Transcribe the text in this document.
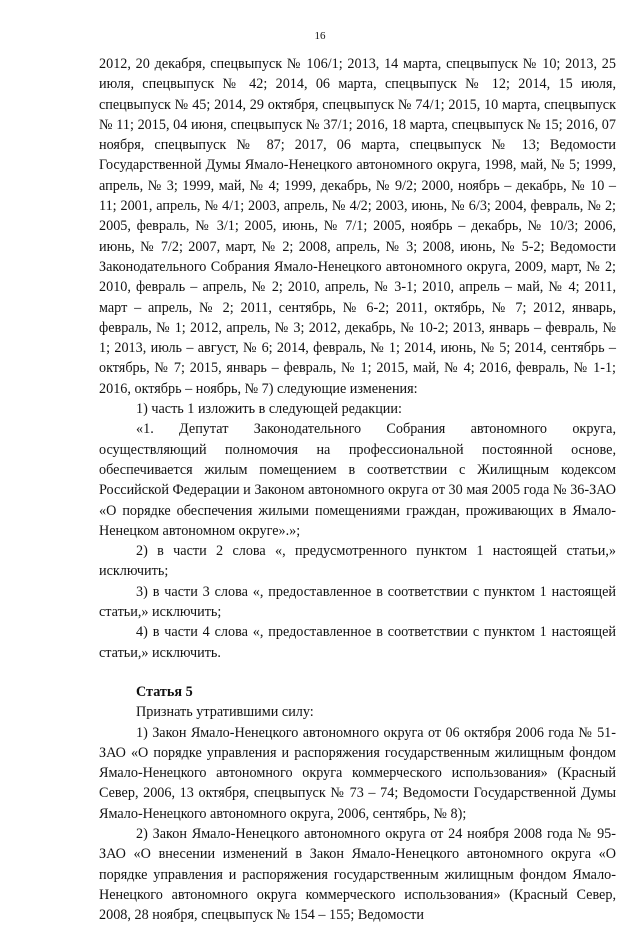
16

2012, 20 декабря, спецвыпуск № 106/1; 2013, 14 марта, спецвыпуск № 10; 2013, 25 июля, спецвыпуск № 42; 2014, 06 марта, спецвыпуск № 12; 2014, 15 июля, спецвыпуск № 45; 2014, 29 октября, спецвыпуск № 74/1; 2015, 10 марта, спецвыпуск № 11; 2015, 04 июня, спецвыпуск № 37/1; 2016, 18 марта, спецвыпуск № 15; 2016, 07 ноября, спецвыпуск № 87; 2017, 06 марта, спецвыпуск № 13; Ведомости Государственной Думы Ямало-Ненецкого автономного округа, 1998, май, № 5; 1999, апрель, № 3; 1999, май, № 4; 1999, декабрь, № 9/2; 2000, ноябрь – декабрь, № 10 – 11; 2001, апрель, № 4/1; 2003, апрель, № 4/2; 2003, июнь, № 6/3; 2004, февраль, № 2; 2005, февраль, № 3/1; 2005, июнь, № 7/1; 2005, ноябрь – декабрь, № 10/3; 2006, июнь, № 7/2; 2007, март, № 2; 2008, апрель, № 3; 2008, июнь, № 5-2; Ведомости Законодательного Собрания Ямало-Ненецкого автономного округа, 2009, март, № 2; 2010, февраль – апрель, № 2; 2010, апрель, № 3-1; 2010, апрель – май, № 4; 2011, март – апрель, № 2; 2011, сентябрь, № 6-2; 2011, октябрь, № 7; 2012, январь, февраль, № 1; 2012, апрель, № 3; 2012, декабрь, № 10-2; 2013, январь – февраль, № 1; 2013, июль – август, № 6; 2014, февраль, № 1; 2014, июнь, № 5; 2014, сентябрь – октябрь, № 7; 2015, январь – февраль, № 1; 2015, май, № 4; 2016, февраль, № 1-1; 2016, октябрь – ноябрь, № 7) следующие изменения:

1) часть 1 изложить в следующей редакции:

«1. Депутат Законодательного Собрания автономного округа, осуществляющий полномочия на профессиональной постоянной основе, обеспечивается жилым помещением в соответствии с Жилищным кодексом Российской Федерации и Законом автономного округа от 30 мая 2005 года № 36-ЗАО «О порядке обеспечения жилыми помещениями граждан, проживающих в Ямало-Ненецком автономном округе».»;

2) в части 2 слова «, предусмотренного пунктом 1 настоящей статьи,» исключить;

3) в части 3 слова «, предоставленное в соответствии с пунктом 1 настоящей статьи,» исключить;

4) в части 4 слова «, предоставленное в соответствии с пунктом 1 настоящей статьи,» исключить.

Статья 5

Признать утратившими силу:

1) Закон Ямало-Ненецкого автономного округа от 06 октября 2006 года № 51-ЗАО «О порядке управления и распоряжения государственным жилищным фондом Ямало-Ненецкого автономного округа коммерческого использования» (Красный Север, 2006, 13 октября, спецвыпуск № 73 – 74; Ведомости Государственной Думы Ямало-Ненецкого автономного округа, 2006, сентябрь, № 8);

2) Закон Ямало-Ненецкого автономного округа от 24 ноября 2008 года № 95-ЗАО «О внесении изменений в Закон Ямало-Ненецкого автономного округа «О порядке управления и распоряжения государственным жилищным фондом Ямало-Ненецкого автономного округа коммерческого использования» (Красный Север, 2008, 28 ноября, спецвыпуск № 154 – 155; Ведомости
